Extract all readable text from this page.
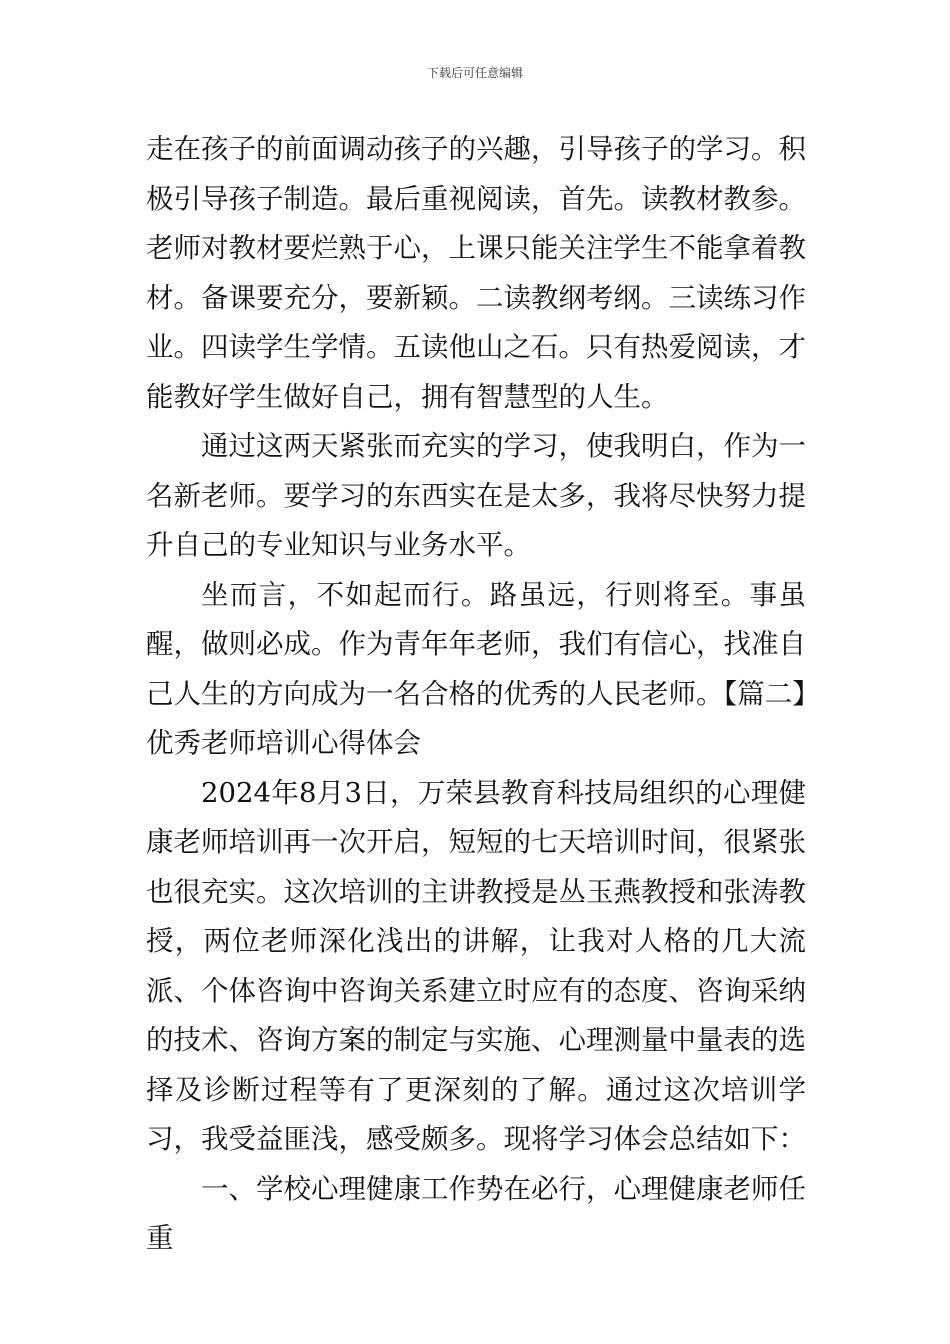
下载后可任意编辑

走在孩子的前面调动孩子的兴趣，引导孩子的学习。积极引导孩子制造。最后重视阅读，首先。读教材教参。老师对教材要烂熟于心，上课只能关注学生不能拿着教材。备课要充分，要新颖。二读教纲考纲。三读练习作业。四读学生学情。五读他山之石。只有热爱阅读，才能教好学生做好自己，拥有智慧型的人生。

通过这两天紧张而充实的学习，使我明白，作为一名新老师。要学习的东西实在是太多，我将尽快努力提升自己的专业知识与业务水平。

坐而言，不如起而行。路虽远，行则将至。事虽醒，做则必成。作为青年年老师，我们有信心，找准自己人生的方向成为一名合格的优秀的人民老师。【篇二】优秀老师培训心得体会

2024年8月3日，万荣县教育科技局组织的心理健康老师培训再一次开启，短短的七天培训时间，很紧张也很充实。这次培训的主讲教授是丛玉燕教授和张涛教授，两位老师深化浅出的讲解，让我对人格的几大流派、个体咨询中咨询关系建立时应有的态度、咨询采纳的技术、咨询方案的制定与实施、心理测量中量表的选择及诊断过程等有了更深刻的了解。通过这次培训学习，我受益匪浅，感受颇多。现将学习体会总结如下：

一、学校心理健康工作势在必行，心理健康老师任重
